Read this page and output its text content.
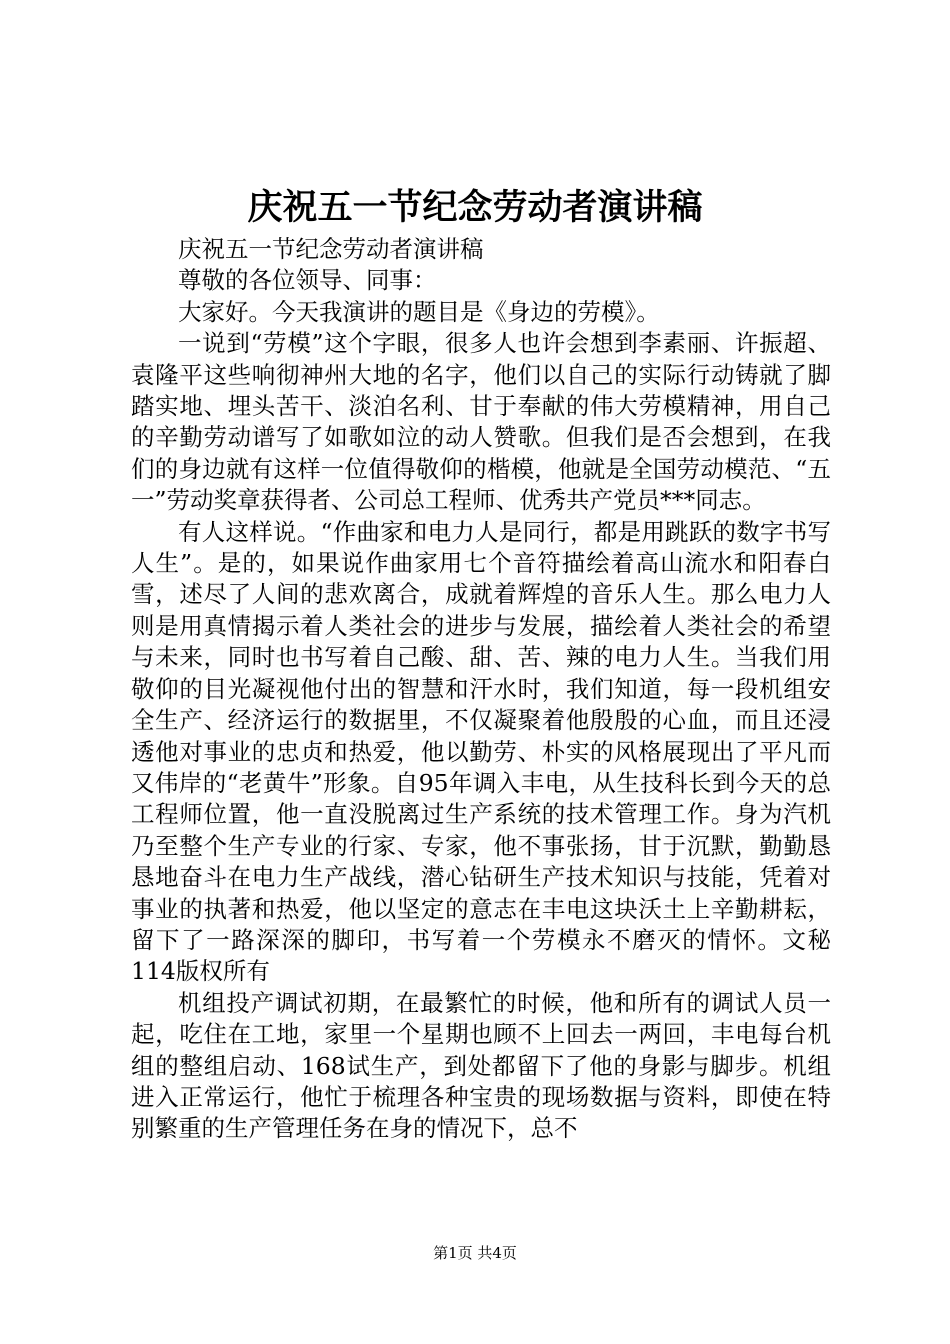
庆祝五一节纪念劳动者演讲稿

庆祝五一节纪念劳动者演讲稿

尊敬的各位领导、同事：

大家好。今天我演讲的题目是《身边的劳模》。

一说到“劳模”这个字眼，很多人也许会想到李素丽、许振超、袁隆平这些响彻神州大地的名字，他们以自己的实际行动铸就了脚踏实地、埋头苦干、淡泊名利、甘于奉献的伟大劳模精神，用自己的辛勤劳动谱写了如歌如泣的动人赞歌。但我们是否会想到，在我们的身边就有这样一位值得敬仰的楷模，他就是全国劳动模范、“五一”劳动奖章获得者、公司总工程师、优秀共产党员***同志。

有人这样说。“作曲家和电力人是同行，都是用跳跃的数字书写人生”。是的，如果说作曲家用七个音符描绘着高山流水和阳春白雪，述尽了人间的悲欢离合，成就着辉煌的音乐人生。那么电力人则是用真情揭示着人类社会的进步与发展，描绘着人类社会的希望与未来，同时也书写着自己酸、甜、苦、辣的电力人生。当我们用敬仰的目光凝视他付出的智慧和汗水时，我们知道，每一段机组安全生产、经济运行的数据里，不仅凝聚着他殷殷的心血，而且还浸透他对事业的忠贞和热爱，他以勤劳、朴实的风格展现出了平凡而又伟岸的“老黄牛”形象。自95年调入丰电，从生技科长到今天的总工程师位置，他一直没脱离过生产系统的技术管理工作。身为汽机乃至整个生产专业的行家、专家，他不事张扬，甘于沉默，勤勤恳恳地奋斗在电力生产战线，潜心钻研生产技术知识与技能，凭着对事业的执著和热爱，他以坚定的意志在丰电这块沃土上辛勤耕耘，留下了一路深深的脚印，书写着一个劳模永不磨灭的情怀。文秘114版权所有

机组投产调试初期，在最繁忙的时候，他和所有的调试人员一起，吃住在工地，家里一个星期也顾不上回去一两回，丰电每台机组的整组启动、168试生产，到处都留下了他的身影与脚步。机组进入正常运行，他忙于梳理各种宝贵的现场数据与资料，即使在特别繁重的生产管理任务在身的情况下，总不

第1页 共4页
